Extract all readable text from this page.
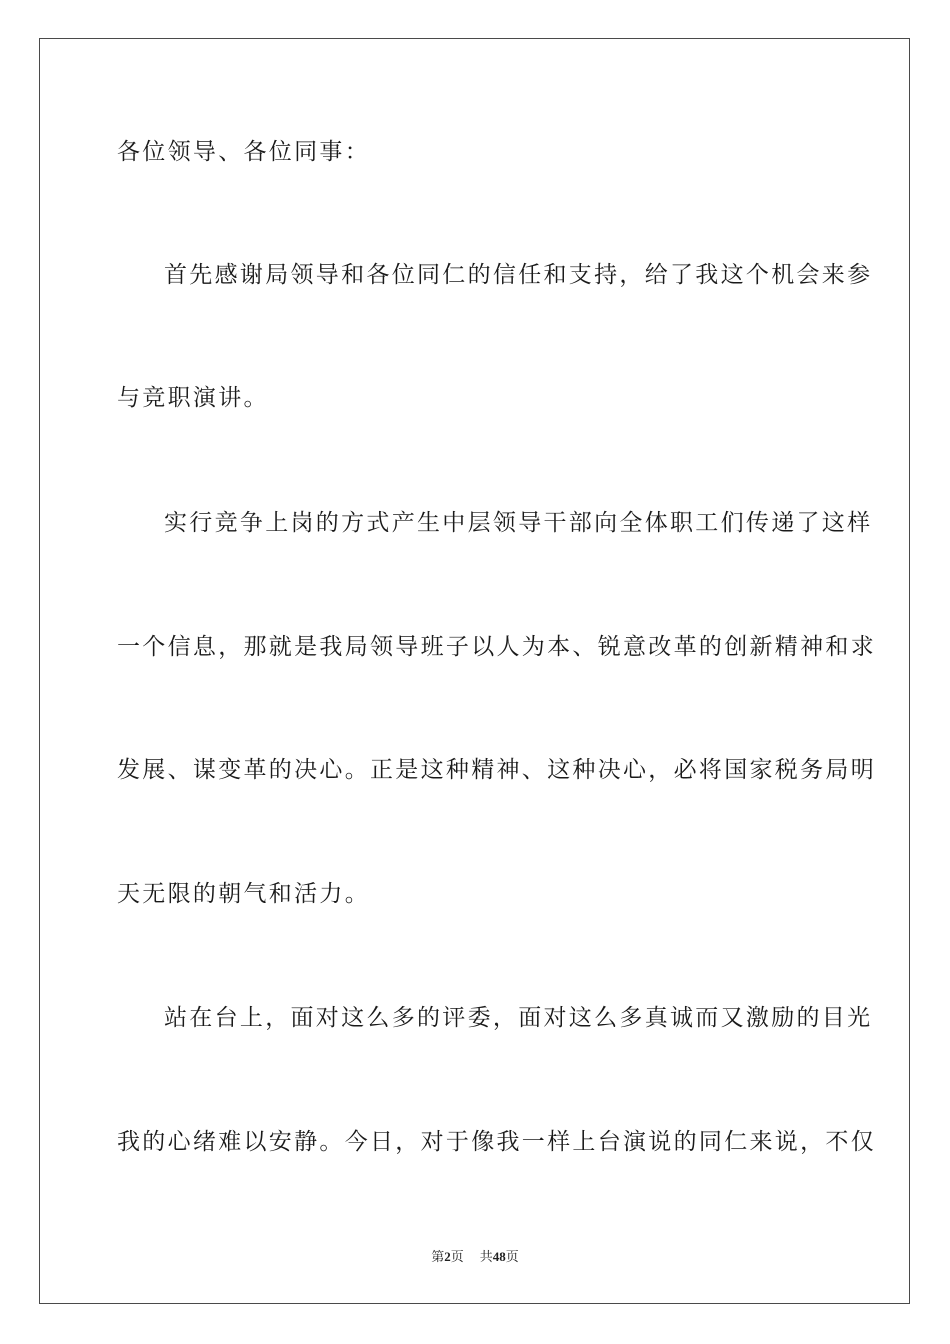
各位领导、各位同事：
首先感谢局领导和各位同仁的信任和支持，给了我这个机会来参
与竞职演讲。
实行竞争上岗的方式产生中层领导干部向全体职工们传递了这样
一个信息，那就是我局领导班子以人为本、锐意改革的创新精神和求
发展、谋变革的决心。正是这种精神、这种决心，必将国家税务局明
天无限的朝气和活力。
站在台上，面对这么多的评委，面对这么多真诚而又激励的目光
我的心绪难以安静。今日，对于像我一样上台演说的同仁来说，不仅
第2页 共48页
